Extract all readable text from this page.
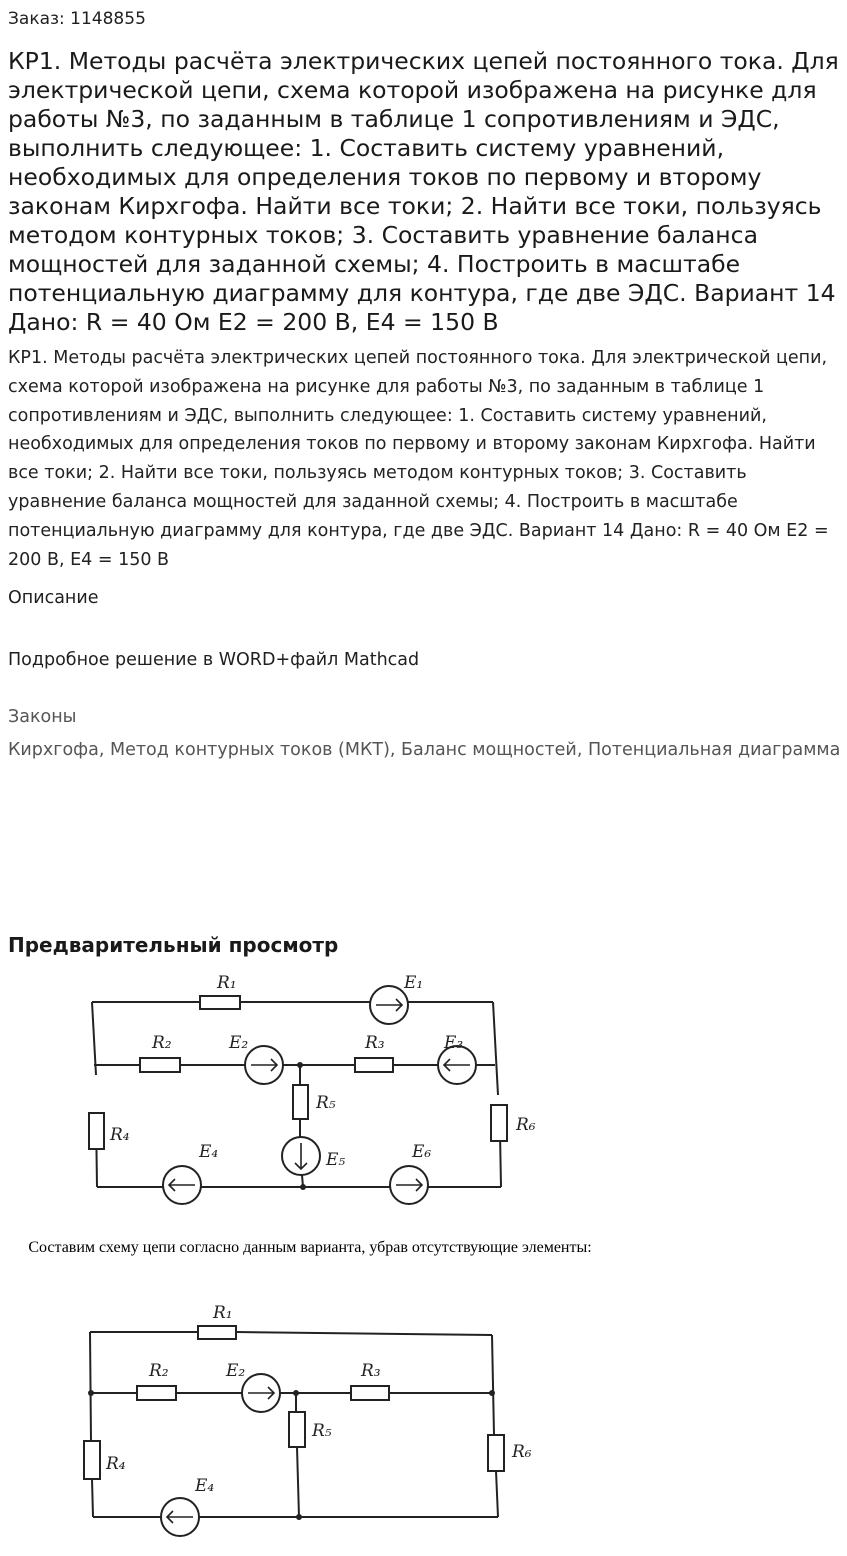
Заказ: 1148855
КР1. Методы расчёта электрических цепей постоянного тока. Для электрической цепи, схема которой изображена на рисунке для работы №3, по заданным в таблице 1 сопротивлениям и ЭДС, выполнить следующее: 1. Составить систему уравнений, необходимых для определения токов по первому и второму законам Кирхгофа. Найти все токи; 2. Найти все токи, пользуясь методом контурных токов; 3. Составить уравнение баланса мощностей для заданной схемы; 4. Построить в масштабе потенциальную диаграмму для контура, где две ЭДС. Вариант 14 Дано: R = 40 Ом E2 = 200 В, E4 = 150 В

КР1. Методы расчёта электрических цепей постоянного тока. Для электрической цепи, схема которой изображена на рисунке для работы №3, по заданным в таблице 1 сопротивлениям и ЭДС, выполнить следующее: 1. Составить систему уравнений, необходимых для определения токов по первому и второму законам Кирхгофа. Найти все токи; 2. Найти все токи, пользуясь методом контурных токов; 3. Составить уравнение баланса мощностей для заданной схемы; 4. Построить в масштабе потенциальную диаграмму для контура, где две ЭДС. Вариант 14 Дано: R = 40 Ом E2 = 200 В, E4 = 150 В

Описание
Подробное решение в WORD+файл Mathcad
Законы
Кирхгофа, Метод контурных токов (МКТ), Баланс мощностей, Потенциальная диаграмма
Предварительный просмотр
R₁	E₁
R₂	E₂	R₃	E₃
R₅
R₄	R₆
E₄	E₅	E₆
Составим схему цепи согласно данным варианта, убрав отсутствующие элементы:
R₁
R₂	E₂	R₃
R₅
R₄
R₆
E₄
